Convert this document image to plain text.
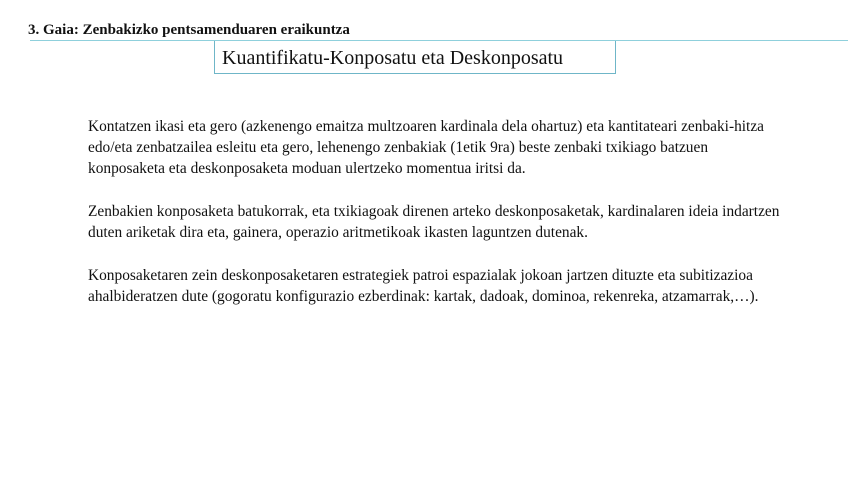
3. Gaia: Zenbakizko pentsamenduaren eraikuntza
Kuantifikatu-Konposatu eta Deskonposatu

Kontatzen ikasi eta gero (azkenengo emaitza multzoaren kardinala dela ohartuz) eta kantitateari zenbaki-hitza edo/eta zenbatzailea esleitu eta gero, lehenengo zenbakiak (1etik 9ra) beste zenbaki txikiago batzuen konposaketa eta deskonposaketa moduan ulertzeko momentua iritsi da.

Zenbakien konposaketa batukorrak, eta txikiagoak direnen arteko deskonposaketak, kardinalaren ideia indartzen duten ariketak dira eta, gainera, operazio aritmetikoak ikasten laguntzen dutenak.

Konposaketaren zein deskonposaketaren estrategiek patroi espazialak jokoan jartzen dituzte eta subitizazioa ahalbideratzen dute (gogoratu konfigurazio ezberdinak: kartak, dadoak, dominoa, rekenreka, atzamarrak,…).
